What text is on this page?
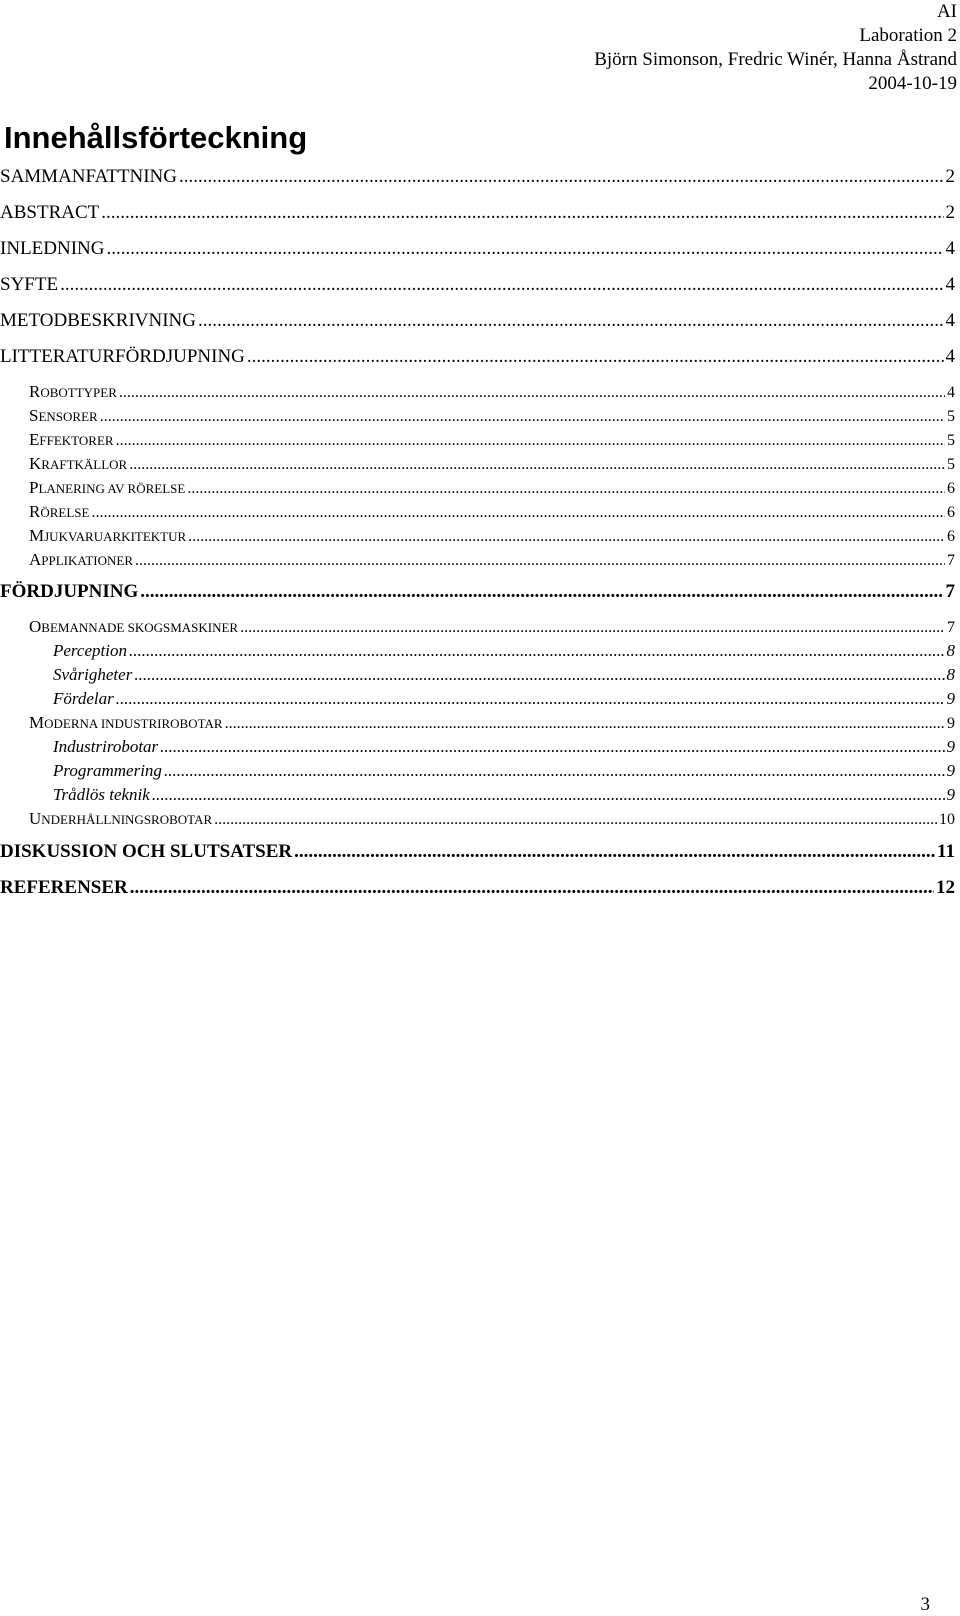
AI
Laboration 2
Björn Simonson, Fredric Winér, Hanna Åstrand
2004-10-19
Innehållsförteckning
SAMMANFATTNING .....	2
ABSTRACT .....	2
INLEDNING .....	4
SYFTE .....	4
METODBESKRIVNING .....	4
LITTERATURFÖRDJUPNING .....	4
ROBOTTYPER .....	4
SENSORER .....	5
EFFEKTORER .....	5
KRAFTKÄLLOR .....	5
PLANERING AV RÖRELSE .....	6
RÖRELSE .....	6
MJUKVARUARKITEKTUR .....	6
APPLIKATIONER .....	7
FÖRDJUPNING .....	7
OBEMANNADE SKOGSMASKINER .....	7
Perception .....	8
Svårigheter .....	8
Fördelar .....	9
MODERNA INDUSTRIROBOTAR .....	9
Industrirobotar .....	9
Programmering .....	9
Trådlös teknik .....	9
UNDERHÅLLNINGSROBOTAR .....	10
DISKUSSION OCH SLUTSATSER .....	11
REFERENSER .....	12
3
